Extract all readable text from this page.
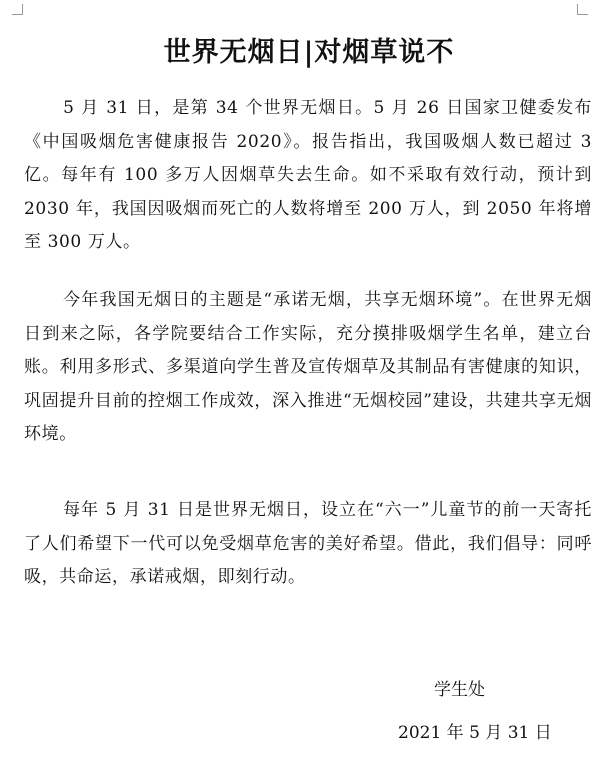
世界无烟日|对烟草说不

5 月 31 日，是第 34 个世界无烟日。5 月 26 日国家卫健委发布《中国吸烟危害健康报告 2020》。报告指出，我国吸烟人数已超过 3 亿。每年有 100 多万人因烟草失去生命。如不采取有效行动，预计到 2030 年，我国因吸烟而死亡的人数将增至 200 万人，到 2050 年将增至 300 万人。

今年我国无烟日的主题是“承诺无烟，共享无烟环境”。在世界无烟日到来之际，各学院要结合工作实际，充分摸排吸烟学生名单，建立台账。利用多形式、多渠道向学生普及宣传烟草及其制品有害健康的知识，巩固提升目前的控烟工作成效，深入推进“无烟校园”建设，共建共享无烟环境。

每年 5 月 31 日是世界无烟日，设立在“六一”儿童节的前一天寄托了人们希望下一代可以免受烟草危害的美好希望。借此，我们倡导：同呼吸，共命运，承诺戒烟，即刻行动。

学生处
2021 年 5 月 31 日
